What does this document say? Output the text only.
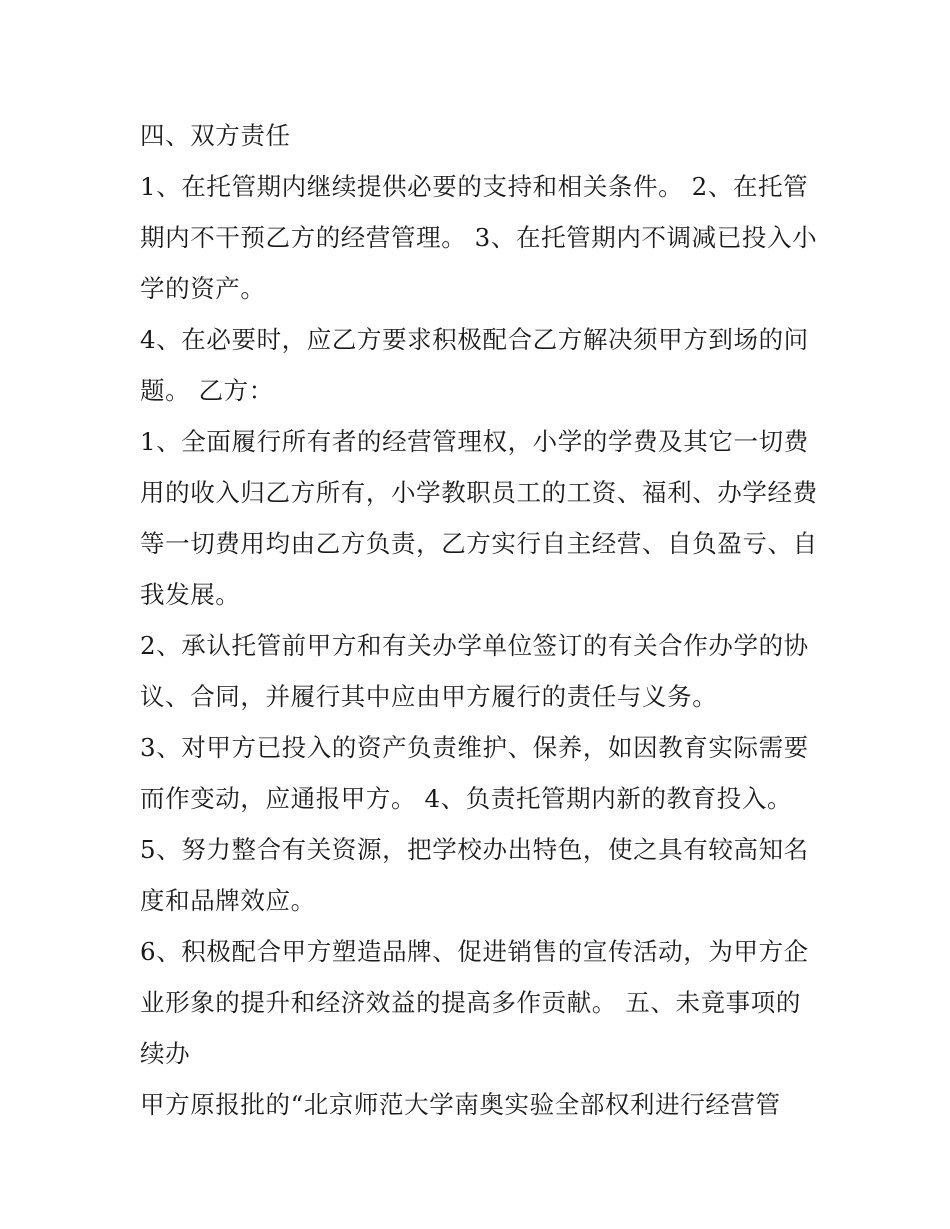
四、双方责任

1、在托管期内继续提供必要的支持和相关条件。 2、在托管期内不干预乙方的经营管理。 3、在托管期内不调减已投入小学的资产。

4、在必要时，应乙方要求积极配合乙方解决须甲方到场的问题。 乙方：

1、全面履行所有者的经营管理权，小学的学费及其它一切费用的收入归乙方所有，小学教职员工的工资、福利、办学经费等一切费用均由乙方负责，乙方实行自主经营、自负盈亏、自我发展。

2、承认托管前甲方和有关办学单位签订的有关合作办学的协议、合同，并履行其中应由甲方履行的责任与义务。

3、对甲方已投入的资产负责维护、保养，如因教育实际需要而作变动，应通报甲方。 4、负责托管期内新的教育投入。

5、努力整合有关资源，把学校办出特色，使之具有较高知名度和品牌效应。

6、积极配合甲方塑造品牌、促进销售的宣传活动，为甲方企业形象的提升和经济效益的提高多作贡献。 五、未竟事项的续办

甲方原报批的“北京师范大学南奥实验全部权利进行经营管
